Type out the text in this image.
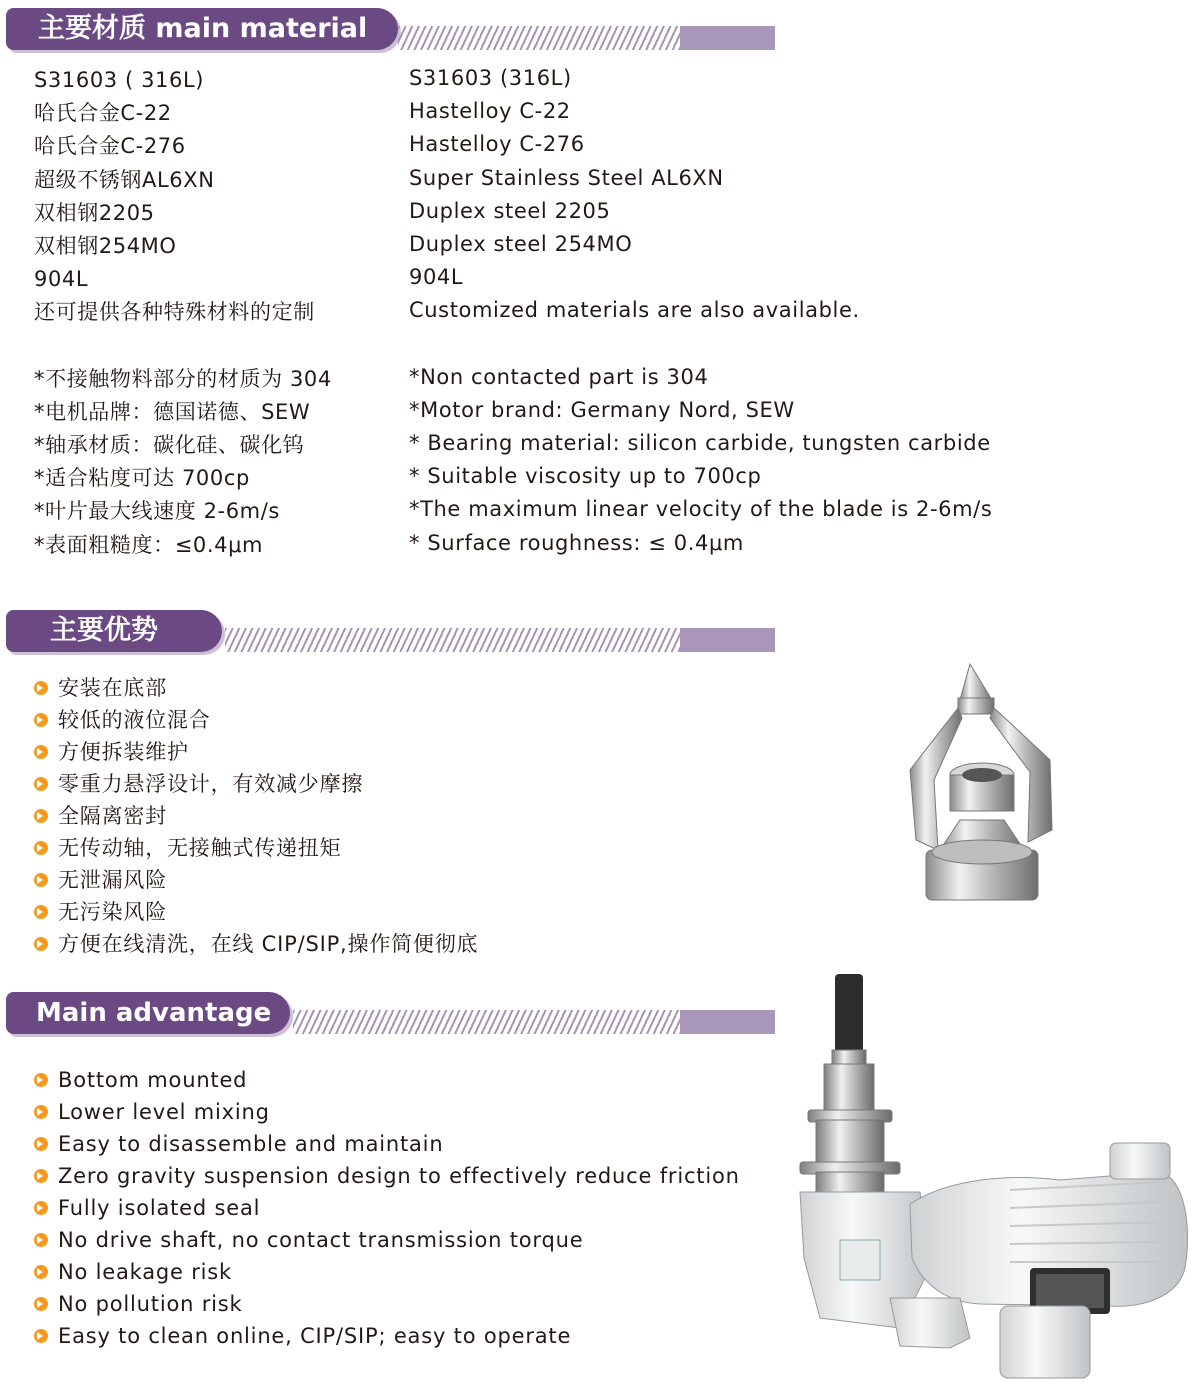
主要材质 main material
S31603 ( 316L)
哈氏合金C-22
哈氏合金C-276
超级不锈钢AL6XN
双相钢2205
双相钢254MO
904L
还可提供各种特殊材料的定制
*不接触物料部分的材质为 304
*电机品牌：德国诺德、SEW
*轴承材质：碳化硅、碳化钨
*适合粘度可达 700cp
*叶片最大线速度 2-6m/s
*表面粗糙度：≤0.4μm
S31603 (316L)
Hastelloy C-22
Hastelloy C-276
Super Stainless Steel AL6XN
Duplex steel 2205
Duplex steel 254MO
904L
Customized materials are also available.
*Non contacted part is 304
*Motor brand: Germany Nord, SEW
* Bearing material: silicon carbide, tungsten carbide
* Suitable viscosity up to 700cp
*The maximum linear velocity of the blade is 2-6m/s
* Surface roughness: ≤ 0.4μm
主要优势
安装在底部
较低的液位混合
方便拆装维护
零重力悬浮设计，有效减少摩擦
全隔离密封
无传动轴，无接触式传递扭矩
无泄漏风险
无污染风险
方便在线清洗，在线 CIP/SIP,操作简便彻底
Main advantage
Bottom mounted
Lower level mixing
Easy to disassemble and maintain
Zero gravity suspension design to effectively reduce friction
Fully isolated seal
No drive shaft, no contact transmission torque
No leakage risk
No pollution risk
Easy to clean online, CIP/SIP; easy to operate
